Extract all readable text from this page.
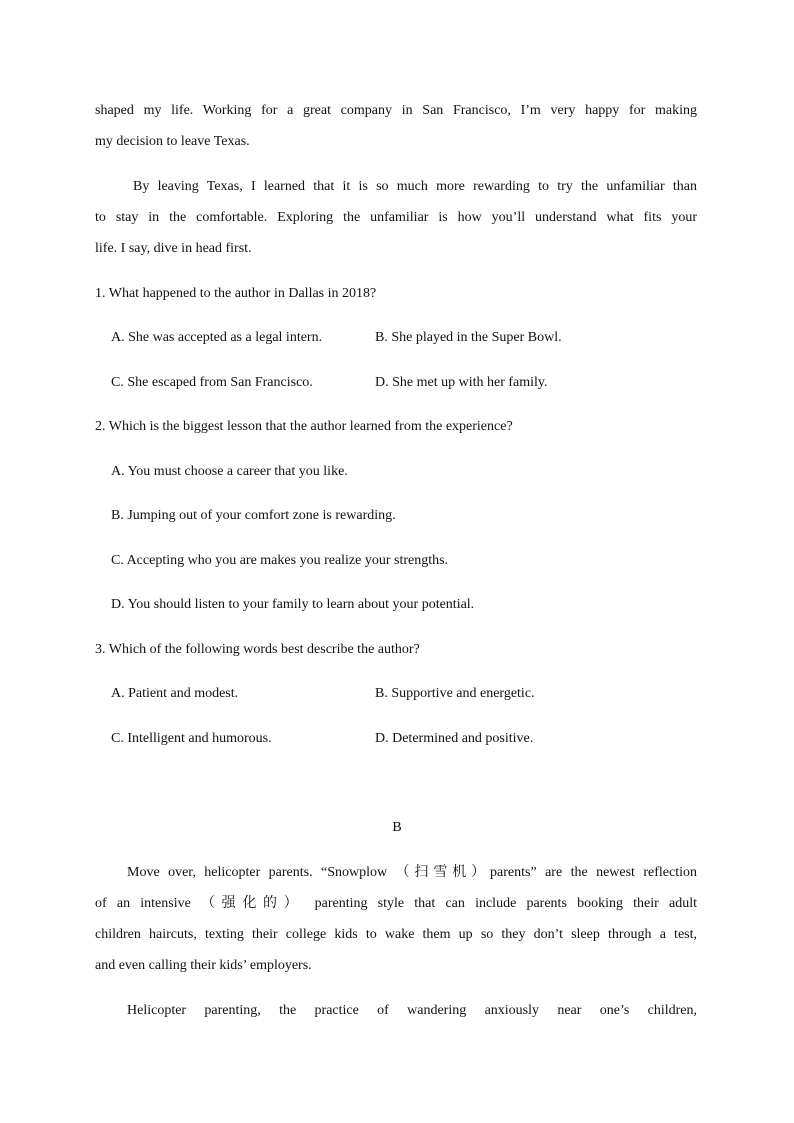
shaped my life. Working for a great company in San Francisco, I’m very happy for making
my decision to leave Texas.
By leaving Texas, I learned that it is so much more rewarding to try the unfamiliar than
to stay in the comfortable. Exploring the unfamiliar is how you’ll understand what fits your
life. I say, dive in head first.
1. What happened to the author in Dallas in 2018?
A. She was accepted as a legal intern.	B. She played in the Super Bowl.
C. She escaped from San Francisco.	D. She met up with her family.
2. Which is the biggest lesson that the author learned from the experience?
A. You must choose a career that you like.
B. Jumping out of your comfort zone is rewarding.
C. Accepting who you are makes you realize your strengths.
D. You should listen to your family to learn about your potential.
3. Which of the following words best describe the author?
A. Patient and modest.	B. Supportive and energetic.
C. Intelligent and humorous.	D. Determined and positive.
B
Move over, helicopter parents. “Snowplow （扫雪机）parents” are the newest reflection
of an intensive （强化的） parenting style that can include parents booking their adult
children haircuts, texting their college kids to wake them up so they don’t sleep through a test,
and even calling their kids’ employers.
Helicopter parenting, the practice of wandering anxiously near one’s children,
